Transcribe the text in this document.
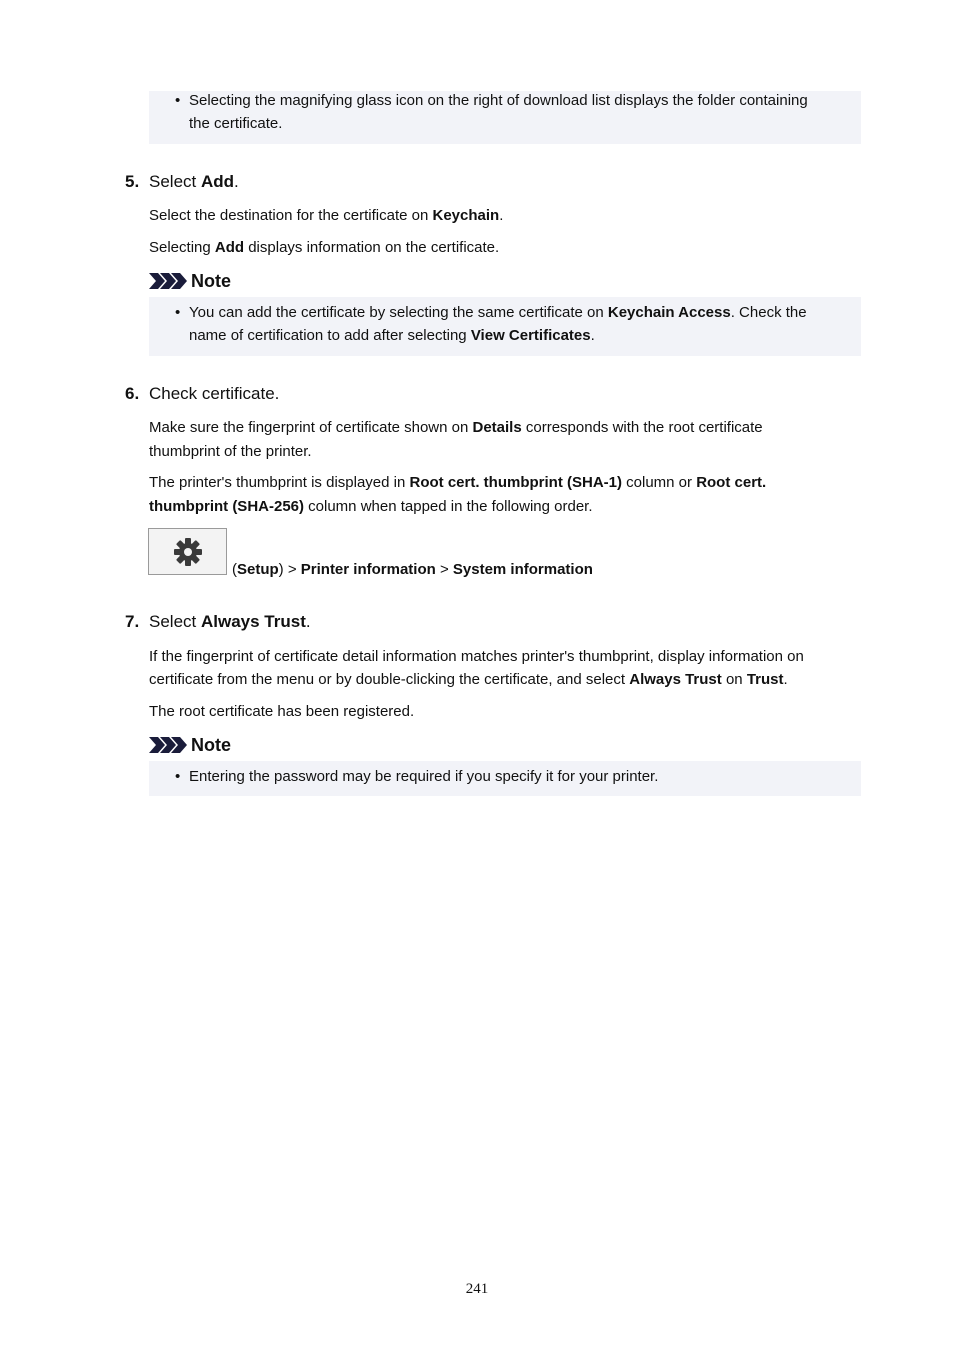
• Selecting the magnifying glass icon on the right of download list displays the folder containing
the certificate.
5. Select Add.
Select the destination for the certificate on Keychain.
Selecting Add displays information on the certificate.
Note
• You can add the certificate by selecting the same certificate on Keychain Access. Check the
name of certification to add after selecting View Certificates.
6. Check certificate.
Make sure the fingerprint of certificate shown on Details corresponds with the root certificate
thumbprint of the printer.
The printer's thumbprint is displayed in Root cert. thumbprint (SHA-1) column or Root cert.
thumbprint (SHA-256) column when tapped in the following order.
(Setup) > Printer information > System information
7. Select Always Trust.
If the fingerprint of certificate detail information matches printer's thumbprint, display information on
certificate from the menu or by double-clicking the certificate, and select Always Trust on Trust.
The root certificate has been registered.
Note
• Entering the password may be required if you specify it for your printer.
241
